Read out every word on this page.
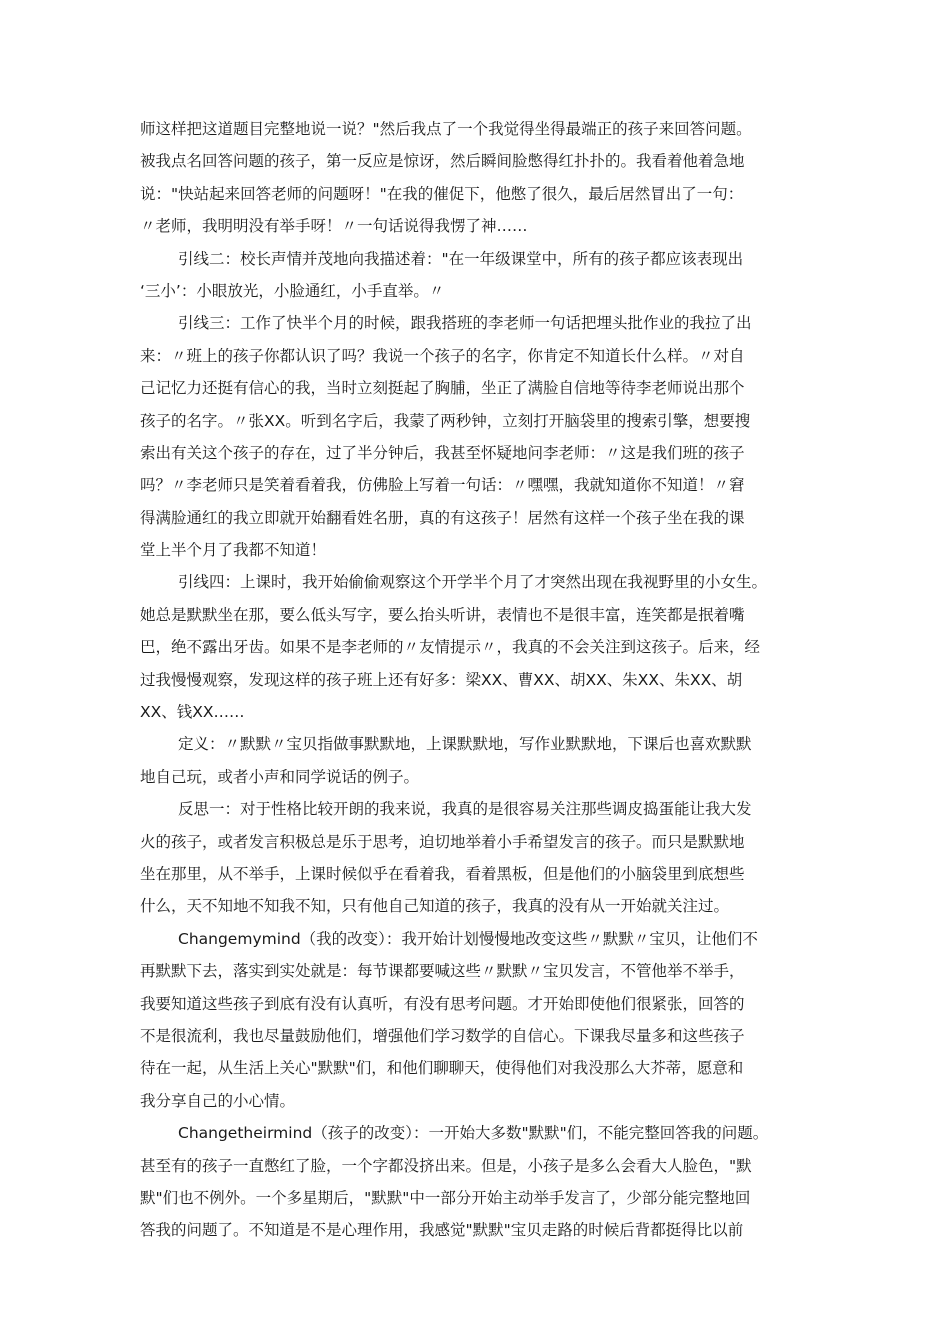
师这样把这道题目完整地说一说？"然后我点了一个我觉得坐得最端正的孩子来回答问题。
被我点名回答问题的孩子，第一反应是惊讶，然后瞬间脸憋得红扑扑的。我看着他着急地
说："快站起来回答老师的问题呀！"在我的催促下，他憋了很久，最后居然冒出了一句：
〃老师，我明明没有举手呀！〃一句话说得我愣了神……
引线二：校长声情并茂地向我描述着："在一年级课堂中，所有的孩子都应该表现出
‘三小’：小眼放光，小脸通红，小手直举。〃
引线三：工作了快半个月的时候，跟我搭班的李老师一句话把埋头批作业的我拉了出
来：〃班上的孩子你都认识了吗？我说一个孩子的名字，你肯定不知道长什么样。〃对自
己记忆力还挺有信心的我，当时立刻挺起了胸脯，坐正了满脸自信地等待李老师说出那个
孩子的名字。〃张XX。听到名字后，我蒙了两秒钟，立刻打开脑袋里的搜索引擎，想要搜
索出有关这个孩子的存在，过了半分钟后，我甚至怀疑地问李老师：〃这是我们班的孩子
吗？〃李老师只是笑着看着我，仿佛脸上写着一句话：〃嘿嘿，我就知道你不知道！〃窘
得满脸通红的我立即就开始翻看姓名册，真的有这孩子！居然有这样一个孩子坐在我的课
堂上半个月了我都不知道！
引线四：上课时，我开始偷偷观察这个开学半个月了才突然出现在我视野里的小女生。
她总是默默坐在那，要么低头写字，要么抬头听讲，表情也不是很丰富，连笑都是抿着嘴
巴，绝不露出牙齿。如果不是李老师的〃友情提示〃，我真的不会关注到这孩子。后来，经
过我慢慢观察，发现这样的孩子班上还有好多：梁XX、曹XX、胡XX、朱XX、朱XX、胡
XX、钱XX……
定义：〃默默〃宝贝指做事默默地，上课默默地，写作业默默地，下课后也喜欢默默
地自己玩，或者小声和同学说话的例子。
反思一：对于性格比较开朗的我来说，我真的是很容易关注那些调皮捣蛋能让我大发
火的孩子，或者发言积极总是乐于思考，迫切地举着小手希望发言的孩子。而只是默默地
坐在那里，从不举手，上课时候似乎在看着我，看着黑板，但是他们的小脑袋里到底想些
什么，天不知地不知我不知，只有他自己知道的孩子，我真的没有从一开始就关注过。
Changemymind（我的改变）：我开始计划慢慢地改变这些〃默默〃宝贝，让他们不
再默默下去，落实到实处就是：每节课都要喊这些〃默默〃宝贝发言，不管他举不举手，
我要知道这些孩子到底有没有认真听，有没有思考问题。才开始即使他们很紧张，回答的
不是很流利，我也尽量鼓励他们，增强他们学习数学的自信心。下课我尽量多和这些孩子
待在一起，从生活上关心"默默"们，和他们聊聊天，使得他们对我没那么大芥蒂，愿意和
我分享自己的小心情。
Changetheirmind（孩子的改变）：一开始大多数"默默"们，不能完整回答我的问题。
甚至有的孩子一直憋红了脸，一个字都没挤出来。但是，小孩子是多么会看大人脸色，"默
默"们也不例外。一个多星期后，"默默"中一部分开始主动举手发言了，少部分能完整地回
答我的问题了。不知道是不是心理作用，我感觉"默默"宝贝走路的时候后背都挺得比以前
